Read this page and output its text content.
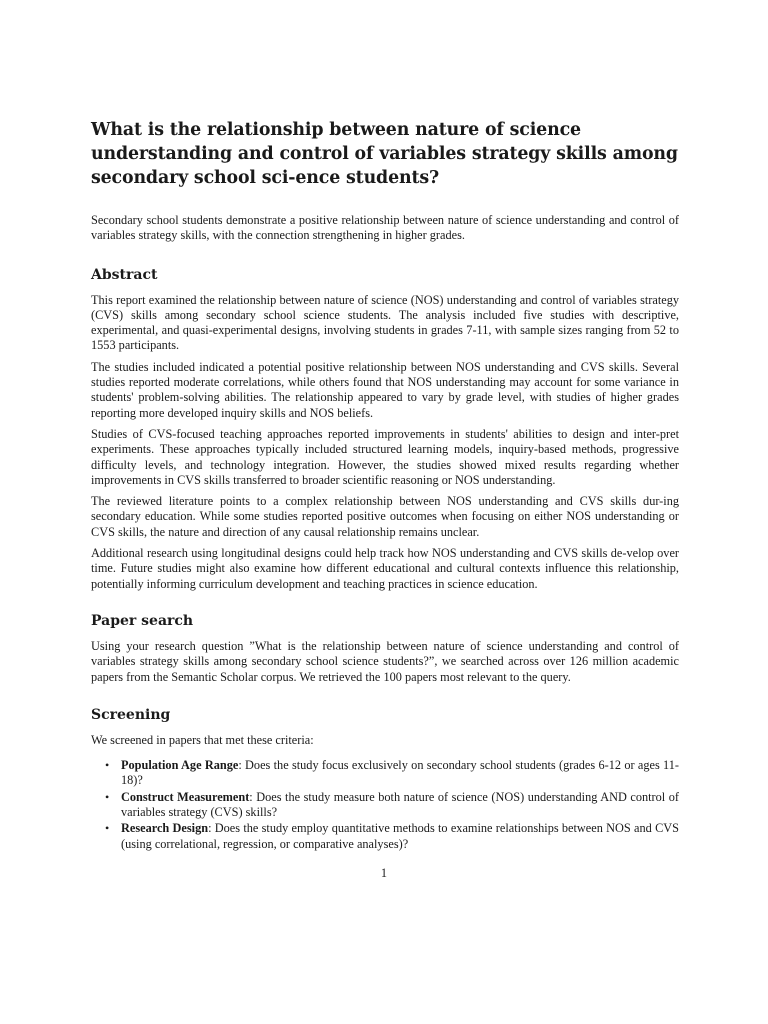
What is the relationship between nature of science understanding and control of variables strategy skills among secondary school sci-ence students?

Secondary school students demonstrate a positive relationship between nature of science understanding and control of variables strategy skills, with the connection strengthening in higher grades.

Abstract

This report examined the relationship between nature of science (NOS) understanding and control of variables strategy (CVS) skills among secondary school science students. The analysis included five studies with descriptive, experimental, and quasi-experimental designs, involving students in grades 7-11, with sample sizes ranging from 52 to 1553 participants.

The studies included indicated a potential positive relationship between NOS understanding and CVS skills. Several studies reported moderate correlations, while others found that NOS understanding may account for some variance in students' problem-solving abilities. The relationship appeared to vary by grade level, with studies of higher grades reporting more developed inquiry skills and NOS beliefs.

Studies of CVS-focused teaching approaches reported improvements in students' abilities to design and inter-pret experiments. These approaches typically included structured learning models, inquiry-based methods, progressive difficulty levels, and technology integration. However, the studies showed mixed results regarding whether improvements in CVS skills transferred to broader scientific reasoning or NOS understanding.

The reviewed literature points to a complex relationship between NOS understanding and CVS skills dur-ing secondary education. While some studies reported positive outcomes when focusing on either NOS understanding or CVS skills, the nature and direction of any causal relationship remains unclear.

Additional research using longitudinal designs could help track how NOS understanding and CVS skills de-velop over time. Future studies might also examine how different educational and cultural contexts influence this relationship, potentially informing curriculum development and teaching practices in science education.

Paper search

Using your research question ”What is the relationship between nature of science understanding and control of variables strategy skills among secondary school science students?”, we searched across over 126 million academic papers from the Semantic Scholar corpus. We retrieved the 100 papers most relevant to the query.

Screening

We screened in papers that met these criteria:

• Population Age Range: Does the study focus exclusively on secondary school students (grades 6-12 or ages 11-18)?
• Construct Measurement: Does the study measure both nature of science (NOS) understanding AND control of variables strategy (CVS) skills?
• Research Design: Does the study employ quantitative methods to examine relationships between NOS and CVS (using correlational, regression, or comparative analyses)?
1
